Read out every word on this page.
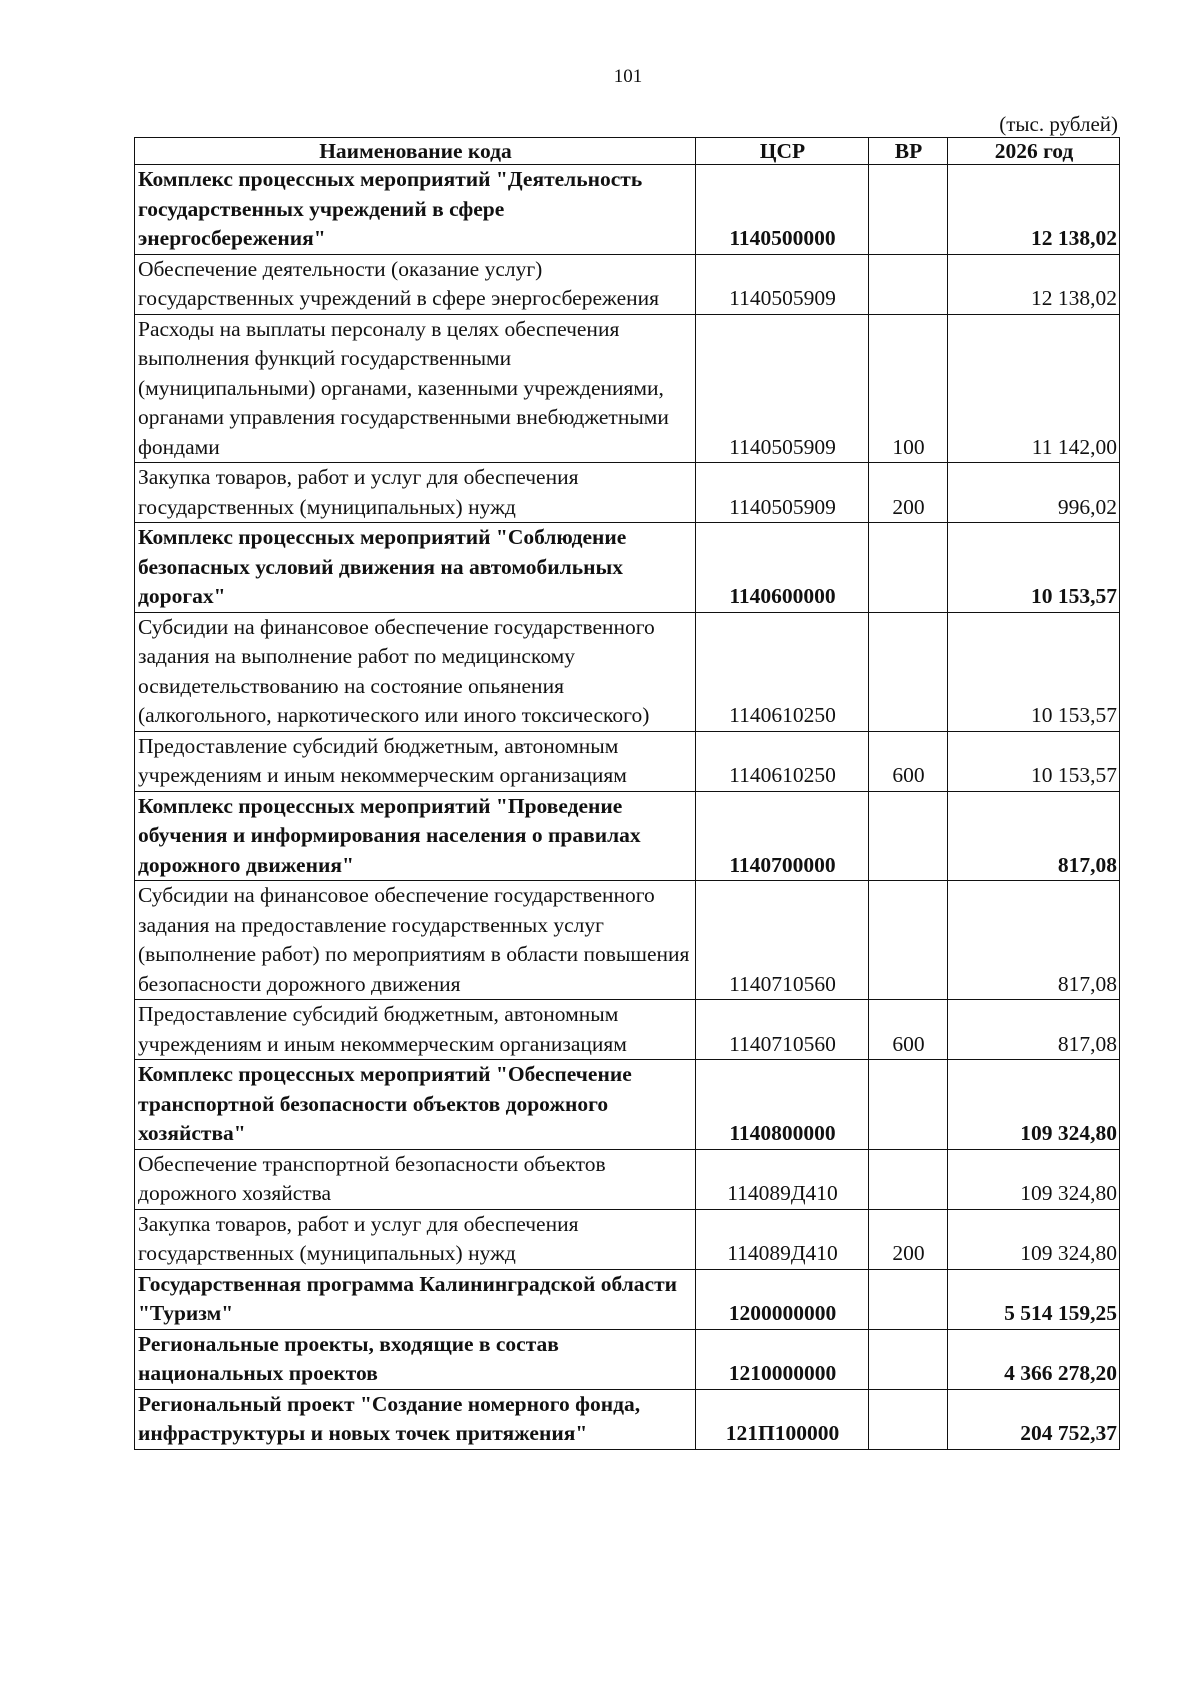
101
(тыс. рублей)
Наименование кода	ЦСР	ВР	2026 год
Комплекс процессных мероприятий "Деятельность государственных учреждений в сфере энергосбережения"	1140500000		12 138,02
Обеспечение деятельности (оказание услуг) государственных учреждений в сфере энергосбережения	1140505909		12 138,02
Расходы на выплаты персоналу в целях обеспечения выполнения функций государственными (муниципальными) органами, казенными учреждениями, органами управления государственными внебюджетными фондами	1140505909	100	11 142,00
Закупка товаров, работ и услуг для обеспечения государственных (муниципальных) нужд	1140505909	200	996,02
Комплекс процессных мероприятий "Соблюдение безопасных условий движения на автомобильных дорогах"	1140600000		10 153,57
Субсидии на финансовое обеспечение государственного задания на выполнение работ по медицинскому освидетельствованию на состояние опьянения (алкогольного, наркотического или иного токсического)	1140610250		10 153,57
Предоставление субсидий бюджетным, автономным учреждениям и иным некоммерческим организациям	1140610250	600	10 153,57
Комплекс процессных мероприятий "Проведение обучения и информирования населения о правилах дорожного движения"	1140700000		817,08
Субсидии на финансовое обеспечение государственного задания на предоставление государственных услуг (выполнение работ) по мероприятиям в области повышения безопасности дорожного движения	1140710560		817,08
Предоставление субсидий бюджетным, автономным учреждениям и иным некоммерческим организациям	1140710560	600	817,08
Комплекс процессных мероприятий "Обеспечение транспортной безопасности объектов дорожного хозяйства"	1140800000		109 324,80
Обеспечение транспортной безопасности объектов дорожного хозяйства	114089Д410		109 324,80
Закупка товаров, работ и услуг для обеспечения государственных (муниципальных) нужд	114089Д410	200	109 324,80
Государственная программа Калининградской области "Туризм"	1200000000		5 514 159,25
Региональные проекты, входящие в состав национальных проектов	1210000000		4 366 278,20
Региональный проект "Создание номерного фонда, инфраструктуры и новых точек притяжения"	121П100000		204 752,37
